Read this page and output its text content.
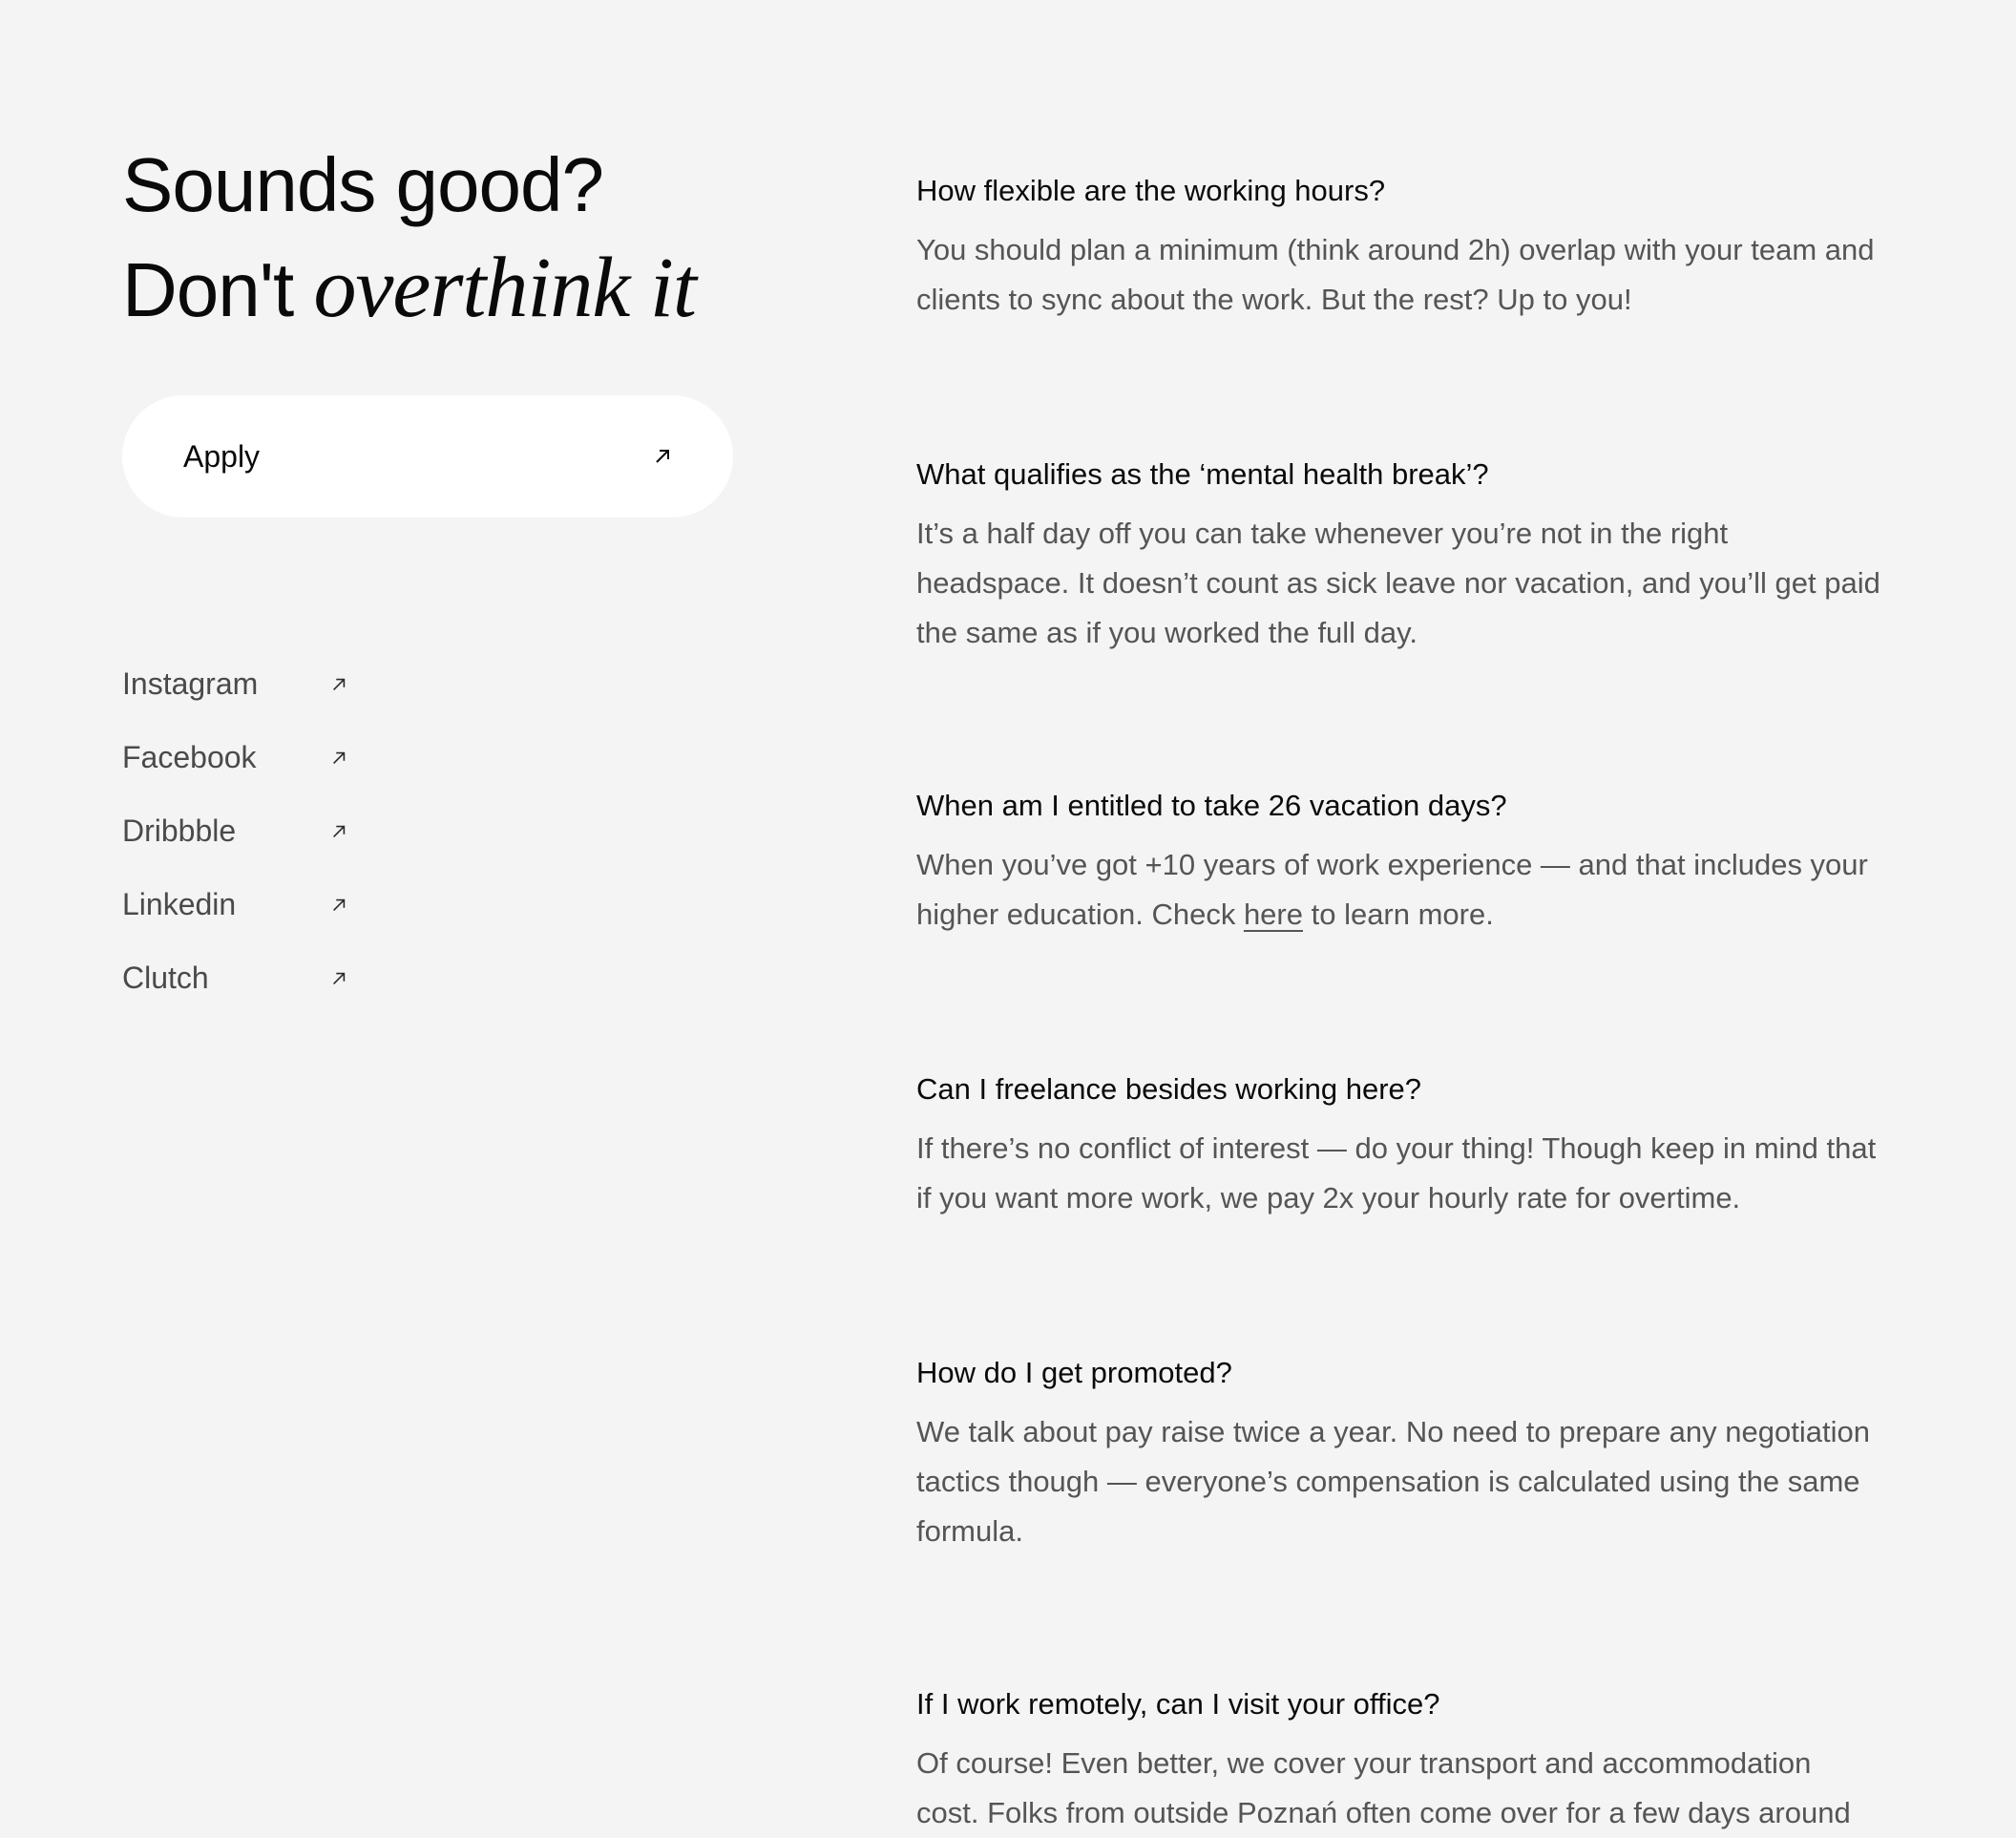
Sounds good?
Don't overthink it
Apply
Instagram
Facebook
Dribbble
Linkedin
Clutch
How flexible are the working hours?

You should plan a minimum (think around 2h) overlap with your team and clients to sync about the work. But the rest? Up to you!

What qualifies as the ‘mental health break’?

It’s a half day off you can take whenever you’re not in the right headspace. It doesn’t count as sick leave nor vacation, and you’ll get paid the same as if you worked the full day.

When am I entitled to take 26 vacation days?

When you’ve got +10 years of work experience — and that includes your higher education. Check here to learn more.

Can I freelance besides working here?

If there’s no conflict of interest — do your thing! Though keep in mind that if you want more work, we pay 2x your hourly rate for overtime.

How do I get promoted?

We talk about pay raise twice a year. No need to prepare any negotiation tactics though — everyone’s compensation is calculated using the same formula.

If I work remotely, can I visit your office?

Of course! Even better, we cover your transport and accommodation cost. Folks from outside Poznań often come over for a few days around
